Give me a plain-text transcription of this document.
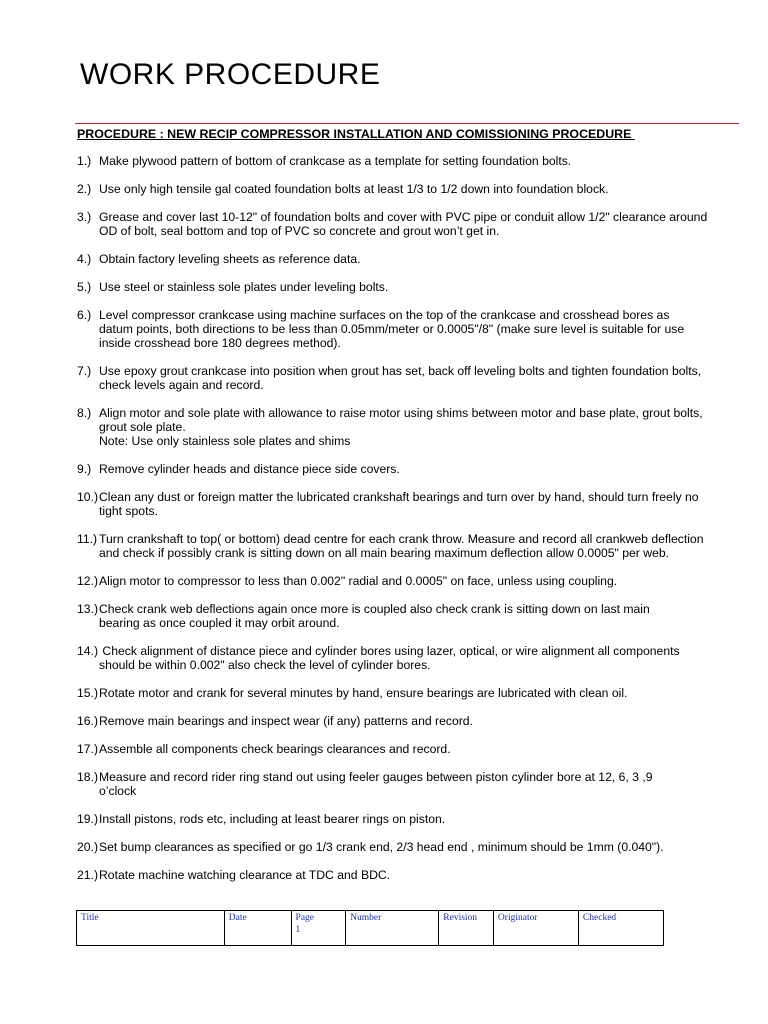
WORK PROCEDURE
PROCEDURE : NEW RECIP COMPRESSOR INSTALLATION AND COMISSIONING PROCEDURE
1.) Make plywood pattern of bottom of crankcase as a template for setting foundation bolts.
2.) Use only high tensile gal coated foundation bolts at least 1/3 to 1/2 down into foundation block.
3.) Grease and cover last 10-12" of foundation bolts and cover with PVC pipe or conduit allow 1/2" clearance around
OD of bolt, seal bottom and top of PVC so concrete and grout won’t get in.
4.) Obtain factory leveling sheets as reference data.
5.) Use steel or stainless sole plates under leveling bolts.
6.) Level compressor crankcase using machine surfaces on the top of the crankcase and crosshead bores as
datum points, both directions to be less than 0.05mm/meter or 0.0005"/8" (make sure level is suitable for use
inside crosshead bore 180 degrees method).
7.) Use epoxy grout crankcase into position when grout has set, back off leveling bolts and tighten foundation bolts,
check levels again and record.
8.) Align motor and sole plate with allowance to raise motor using shims between motor and base plate, grout bolts,
grout sole plate.
Note: Use only stainless sole plates and shims
9.) Remove cylinder heads and distance piece side covers.
10.) Clean any dust or foreign matter the lubricated crankshaft bearings and turn over by hand, should turn freely no
tight spots.
11.) Turn crankshaft to top( or bottom) dead centre for each crank throw. Measure and record all crankweb deflection
and check if possibly crank is sitting down on all main bearing maximum deflection allow 0.0005" per web.
12.) Align motor to compressor to less than 0.002" radial and 0.0005" on face, unless using coupling.
13.) Check crank web deflections again once more is coupled also check crank is sitting down on last main
bearing as once coupled it may orbit around.
14.) Check alignment of distance piece and cylinder bores using lazer, optical, or wire alignment all components
should be within 0.002" also check the level of cylinder bores.
15.) Rotate motor and crank for several minutes by hand, ensure bearings are lubricated with clean oil.
16.) Remove main bearings and inspect wear (if any) patterns and record.
17.) Assemble all components check bearings clearances and record.
18.) Measure and record rider ring stand out using feeler gauges between piston cylinder bore at 12, 6, 3 ,9
o’clock
19.) Install pistons, rods etc, including at least bearer rings on piston.
20.) Set bump clearances as specified or go 1/3 crank end, 2/3 head end , minimum should be 1mm (0.040").
21.) Rotate machine watching clearance at TDC and BDC.
Title	Date	Page
1	Number	Revision	Originator	Checked
